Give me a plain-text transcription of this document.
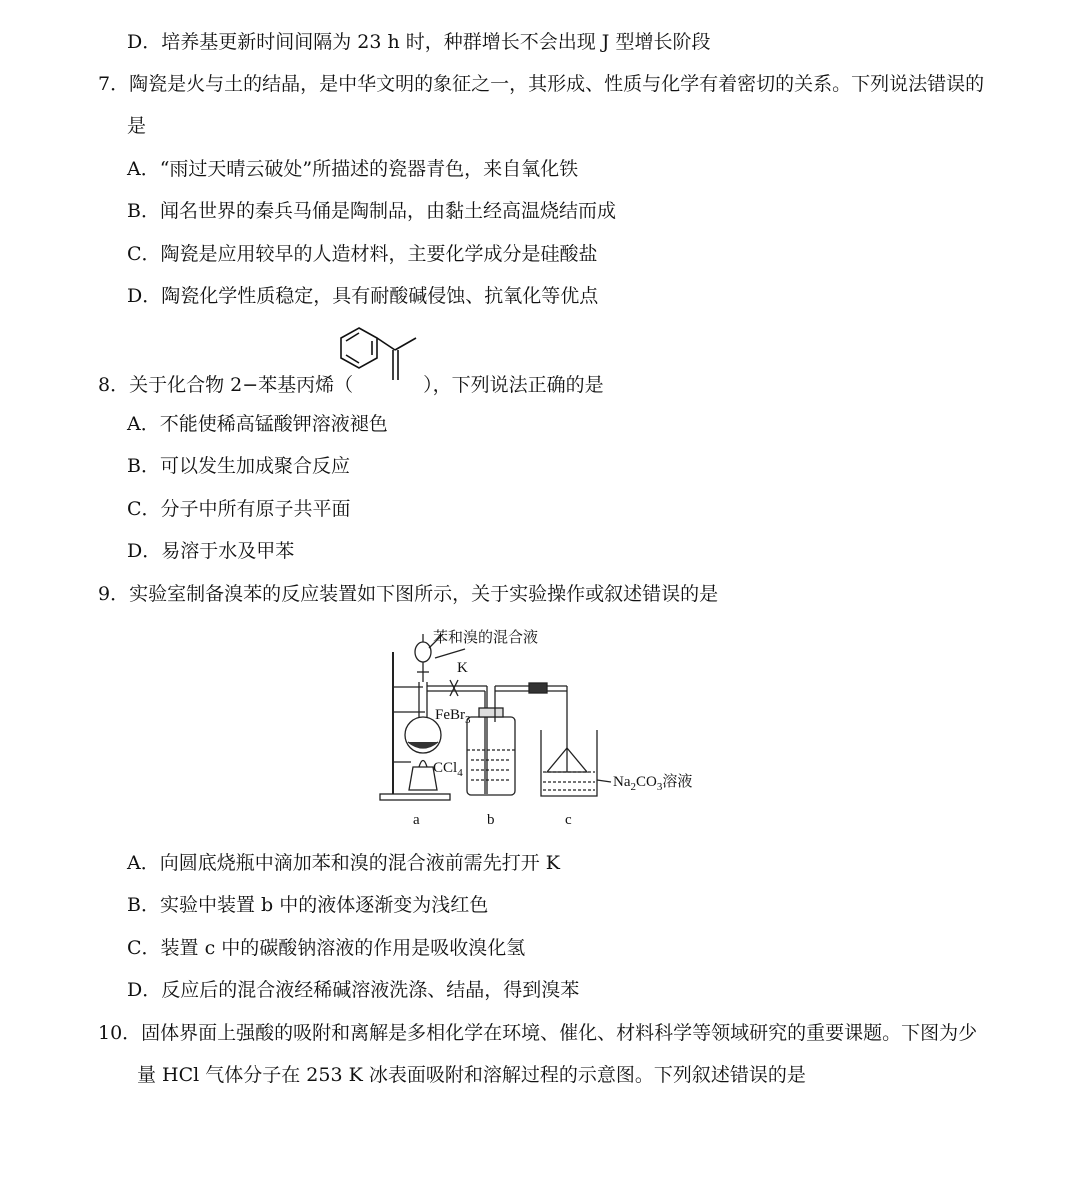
D．培养基更新时间间隔为 23 h 时，种群增长不会出现 J 型增长阶段
7．陶瓷是火与土的结晶，是中华文明的象征之一，其形成、性质与化学有着密切的关系。下列说法错误的
是
A．“雨过天晴云破处”所描述的瓷器青色，来自氧化铁
B．闻名世界的秦兵马俑是陶制品，由黏土经高温烧结而成
C．陶瓷是应用较早的人造材料，主要化学成分是硅酸盐
D．陶瓷化学性质稳定，具有耐酸碱侵蚀、抗氧化等优点
8．关于化合物 2−苯基丙烯（	），下列说法正确的是
A．不能使稀高锰酸钾溶液褪色
B．可以发生加成聚合反应
C．分子中所有原子共平面
D．易溶于水及甲苯
9．实验室制备溴苯的反应装置如下图所示，关于实验操作或叙述错误的是
苯和溴的混合液
K
FeBr$_3$
CCl$_4$
$Na_2CO_3$溶液
a	b	c
A．向圆底烧瓶中滴加苯和溴的混合液前需先打开 K
B．实验中装置 b 中的液体逐渐变为浅红色
C．装置 c 中的碳酸钠溶液的作用是吸收溴化氢
D．反应后的混合液经稀碱溶液洗涤、结晶，得到溴苯
10．固体界面上强酸的吸附和离解是多相化学在环境、催化、材料科学等领域研究的重要课题。下图为少
量 HCl 气体分子在 253 K 冰表面吸附和溶解过程的示意图。下列叙述错误的是
